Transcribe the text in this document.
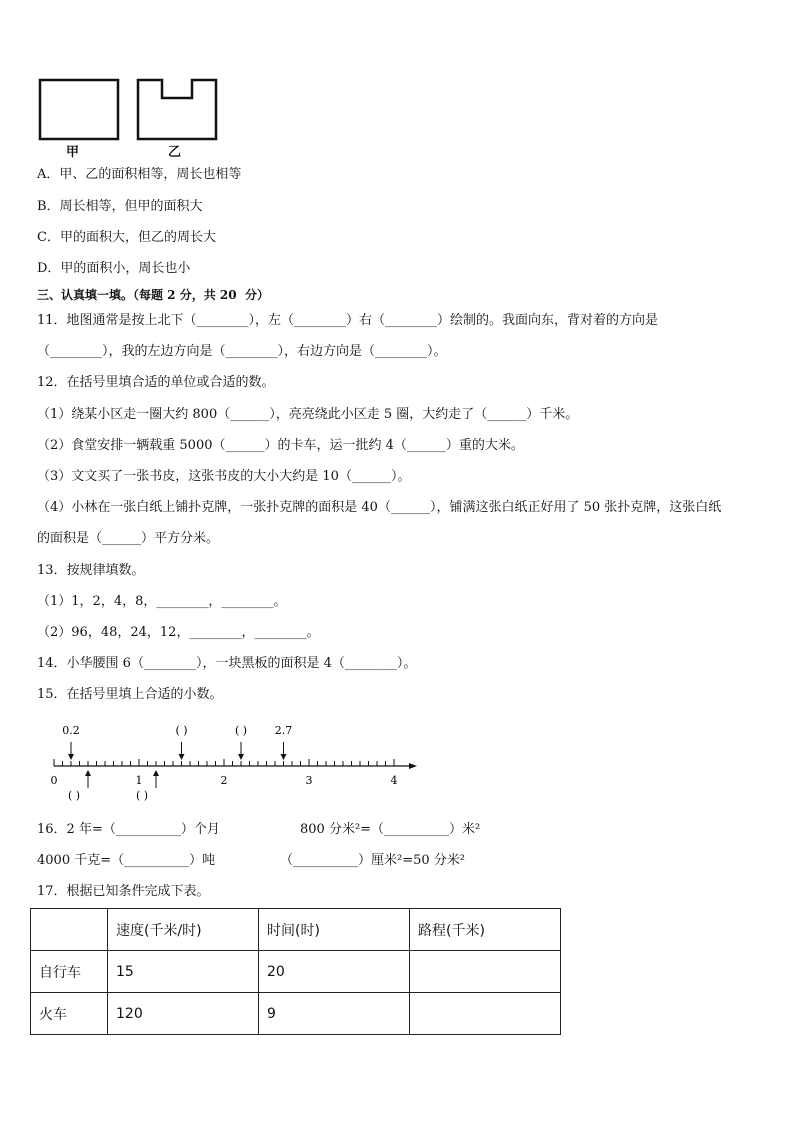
甲	乙
A．甲、乙的面积相等，周长也相等
B．周长相等，但甲的面积大
C．甲的面积大，但乙的周长大
D．甲的面积小，周长也小
三、认真填一填。（每题 2 分，共 20  分）
11．地图通常是按上北下（________），左（________）右（________）绘制的。我面向东，背对着的方向是
（________），我的左边方向是（________），右边方向是（________）。
12．在括号里填合适的单位或合适的数。
（1）绕某小区走一圈大约 800（______），亮亮绕此小区走 5 圈，大约走了（______）千米。
（2）食堂安排一辆载重 5000（______）的卡车，运一批约 4（______）重的大米。
（3）文文买了一张书皮，这张书皮的大小大约是 10（______）。
（4）小林在一张白纸上铺扑克牌，一张扑克牌的面积是 40（______），铺满这张白纸正好用了 50 张扑克牌，这张白纸
的面积是（______）平方分米。
13．按规律填数。
（1）1，2，4，8，________，________。
（2）96，48，24，12，________，________。
14．小华腰围 6（________），一块黑板的面积是 4（________）。
15．在括号里填上合适的小数。
0	1	2	3	4
0.2	( )	( )	2.7
( )	( )
16．2 年=（__________）个月	800 分米²=（__________）米²
4000 千克=（__________）吨	（__________）厘米²=50 分米²
17．根据已知条件完成下表。
	速度(千米/时)	时间(时)	路程(千米)
自行车	15	20	
火车	120	9	
